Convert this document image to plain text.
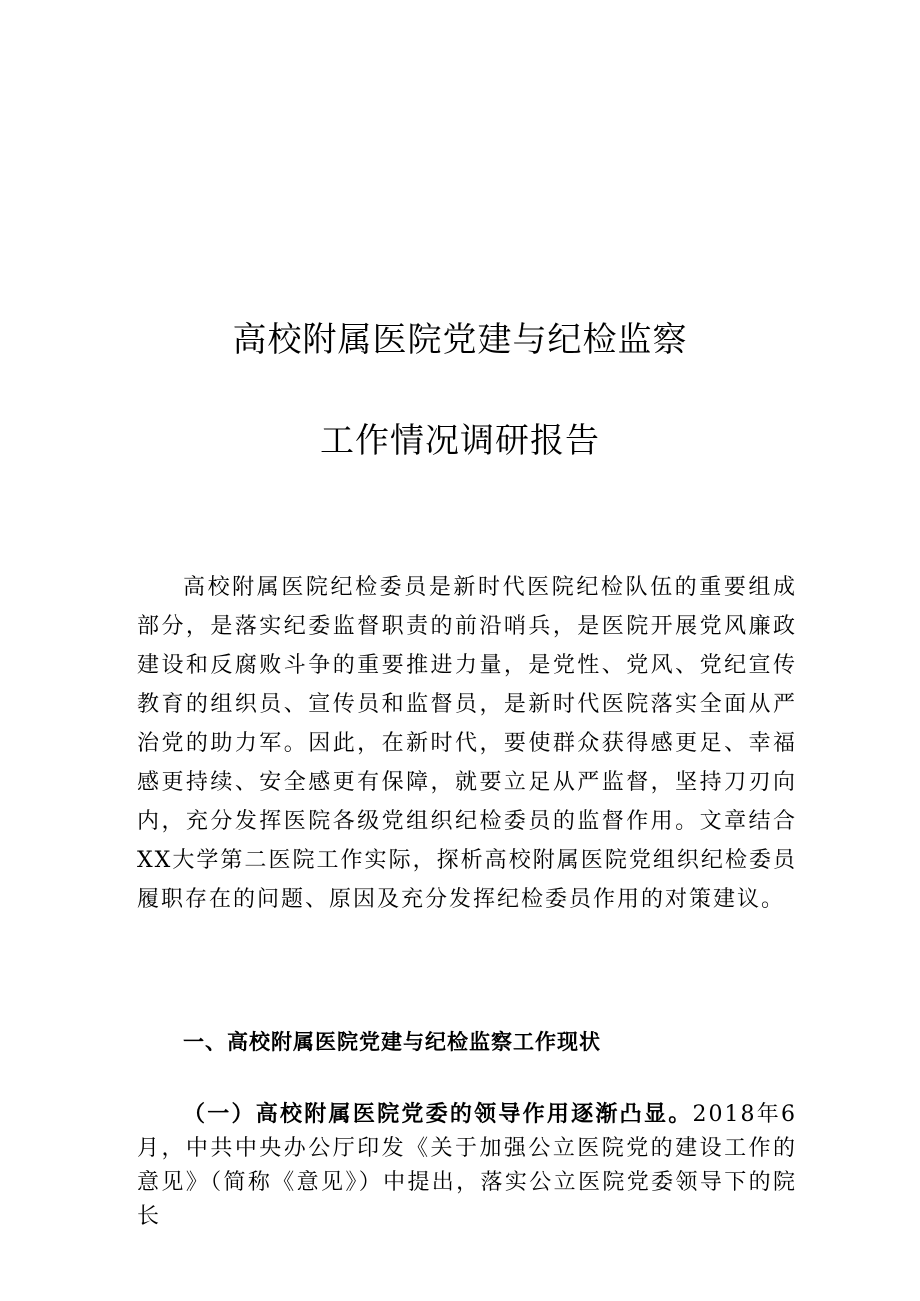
高校附属医院党建与纪检监察
工作情况调研报告

高校附属医院纪检委员是新时代医院纪检队伍的重要组成部分，是落实纪委监督职责的前沿哨兵，是医院开展党风廉政建设和反腐败斗争的重要推进力量，是党性、党风、党纪宣传教育的组织员、宣传员和监督员，是新时代医院落实全面从严治党的助力军。因此，在新时代，要使群众获得感更足、幸福感更持续、安全感更有保障，就要立足从严监督，坚持刀刃向内，充分发挥医院各级党组织纪检委员的监督作用。文章结合XX大学第二医院工作实际，探析高校附属医院党组织纪检委员履职存在的问题、原因及充分发挥纪检委员作用的对策建议。

一、高校附属医院党建与纪检监察工作现状

（一）高校附属医院党委的领导作用逐渐凸显。2018年6月，中共中央办公厅印发《关于加强公立医院党的建设工作的意见》（简称《意见》）中提出，落实公立医院党委领导下的院长
